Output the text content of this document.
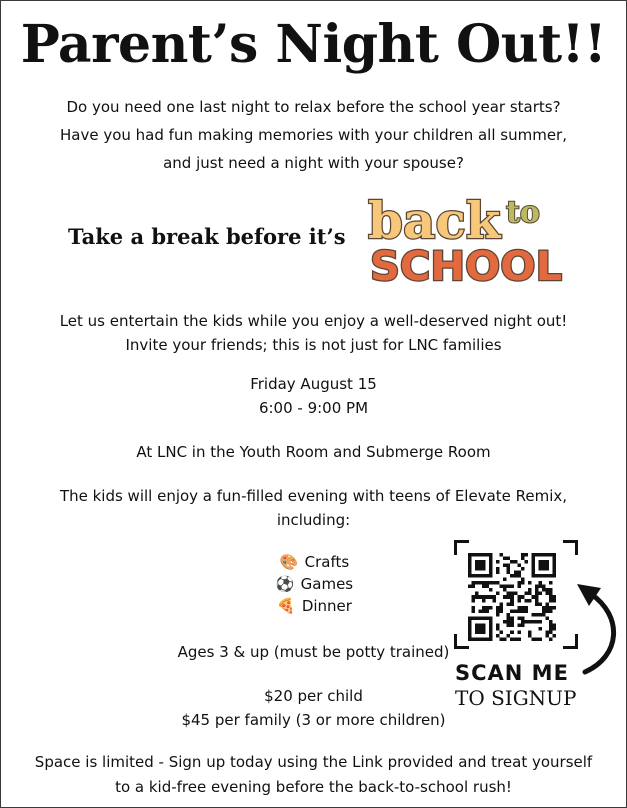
Parent’s Night Out!!
Do you need one last night to relax before the school year starts?
Have you had fun making memories with your children all summer,
and just need a night with your spouse?
Take a break before it’s back to
SCHOOL
Let us entertain the kids while you enjoy a well-deserved night out!
Invite your friends; this is not just for LNC families
Friday August 15
6:00 - 9:00 PM
At LNC in the Youth Room and Submerge Room
The kids will enjoy a fun-filled evening with teens of Elevate Remix,
including:
🎨 Crafts
⚽ Games
🍕 Dinner
Ages 3 & up (must be potty trained)
$20 per child
$45 per family (3 or more children)
SCAN ME
TO SIGNUP
Space is limited - Sign up today using the Link provided and treat yourself
to a kid-free evening before the back-to-school rush!
